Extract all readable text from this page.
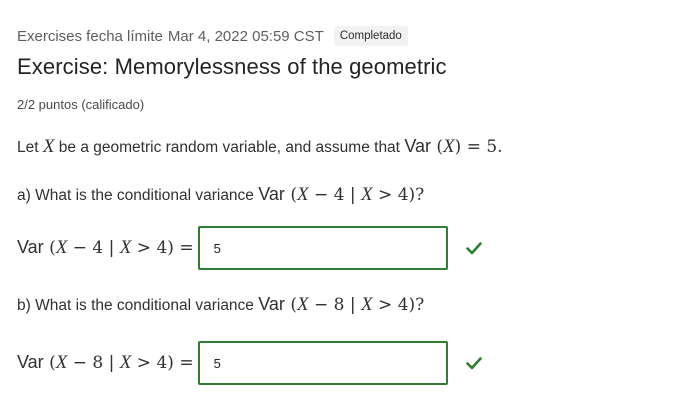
Exercises fecha límite Mar 4, 2022 05:59 CST	Completado
Exercise: Memorylessness of the geometric
2/2 puntos (calificado)
Let X be a geometric random variable, and assume that Var (X) = 5.
a) What is the conditional variance Var (X − 4 | X > 4)?
Var (X − 4 | X > 4) = 5
b) What is the conditional variance Var (X − 8 | X > 4)?
Var (X − 8 | X > 4) = 5
